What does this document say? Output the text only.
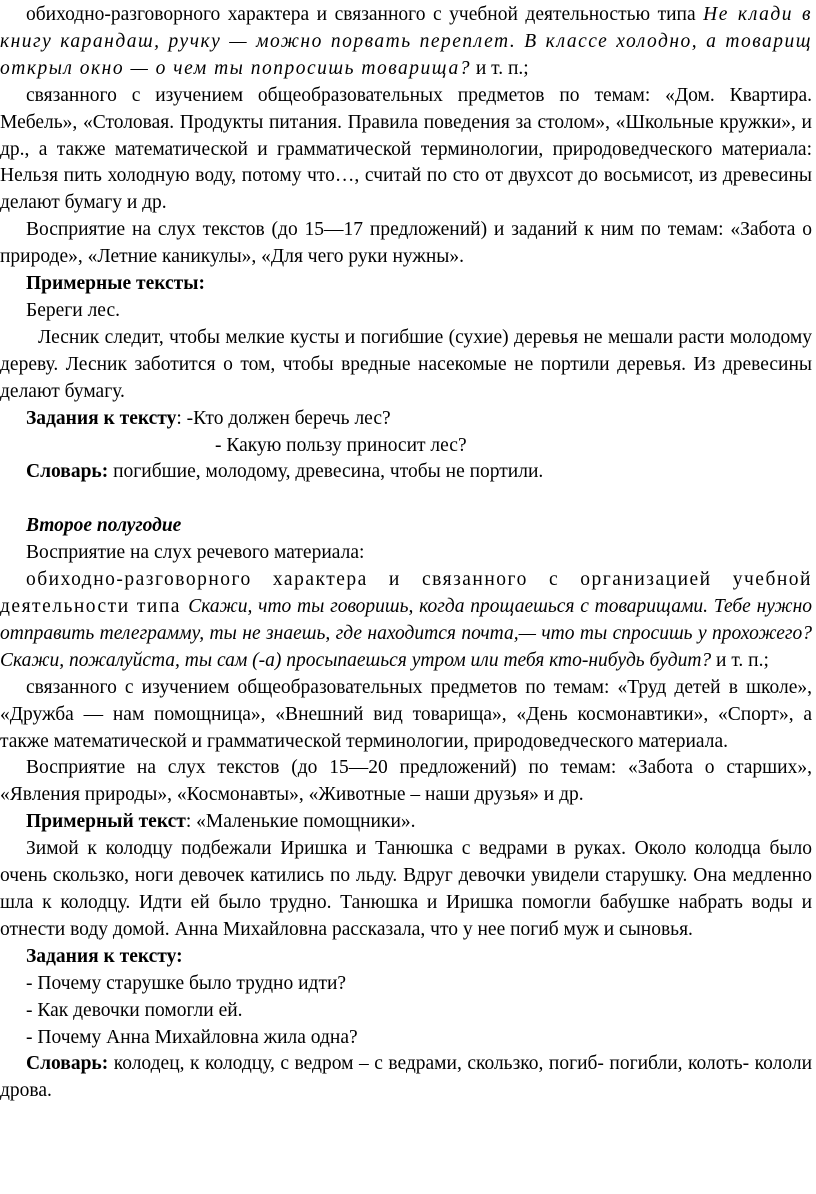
обиходно-разговорного характера и связанного с учебной деятельностью типа Не клади в книгу карандаш, ручку — можно порвать переплет. В классе холодно, а товарищ открыл окно — о чем ты попросишь товарища? и т. п.;

связанного с изучением общеобразовательных предметов по темам: «Дом. Квартира. Мебель», «Столовая. Продукты питания. Правила поведения за столом», «Школьные кружки», и др., а также математической и грамматической терминологии, природоведческого материала: Нельзя пить холодную воду, потому что…, считай по сто от двухсот до восьмисот, из древесины делают бумагу и др.

Восприятие на слух текстов (до 15—17 предложений) и заданий к ним по темам: «Забота о природе», «Летние каникулы», «Для чего руки нужны».

Примерные тексты:

Береги лес.

Лесник следит, чтобы мелкие кусты и погибшие (сухие) деревья не мешали расти молодому дереву. Лесник заботится о том, чтобы вредные насекомые не портили деревья. Из древесины делают бумагу.

Задания к тексту: -Кто должен беречь лес?

- Какую пользу приносит лес?

Словарь: погибшие, молодому, древесина, чтобы не портили.

Второе полугодие

Восприятие на слух речевого материала:

обиходно-разговорного характера и связанного с организацией учебной деятельности типа Скажи, что ты говоришь, когда прощаешься с товарищами. Тебе нужно отправить телеграмму, ты не знаешь, где находится почта,— что ты спросишь у прохожего? Скажи, пожалуйста, ты сам (-а) просыпаешься утром или тебя кто-нибудь будит? и т. п.;

связанного с изучением общеобразовательных предметов по темам: «Труд детей в школе», «Дружба — нам помощница», «Внешний вид товарища», «День космонавтики», «Спорт», а также математической и грамматической терминологии, природоведческого материала.

Восприятие на слух текстов (до 15—20 предложений) по темам: «Забота о старших», «Явления природы», «Космонавты», «Животные – наши друзья» и др.

Примерный текст: «Маленькие помощники».

Зимой к колодцу подбежали Иришка и Танюшка с ведрами в руках. Около колодца было очень скользко, ноги девочек катились по льду. Вдруг девочки увидели старушку. Она медленно шла к колодцу. Идти ей было трудно. Танюшка и Иришка помогли бабушке набрать воды и отнести воду домой. Анна Михайловна рассказала, что у нее погиб муж и сыновья.

Задания к тексту:

- Почему старушке было трудно идти?

- Как девочки помогли ей.

- Почему Анна Михайловна жила одна?

Словарь: колодец, к колодцу, с ведром – с ведрами, скользко, погиб- погибли, колоть- кололи дрова.
